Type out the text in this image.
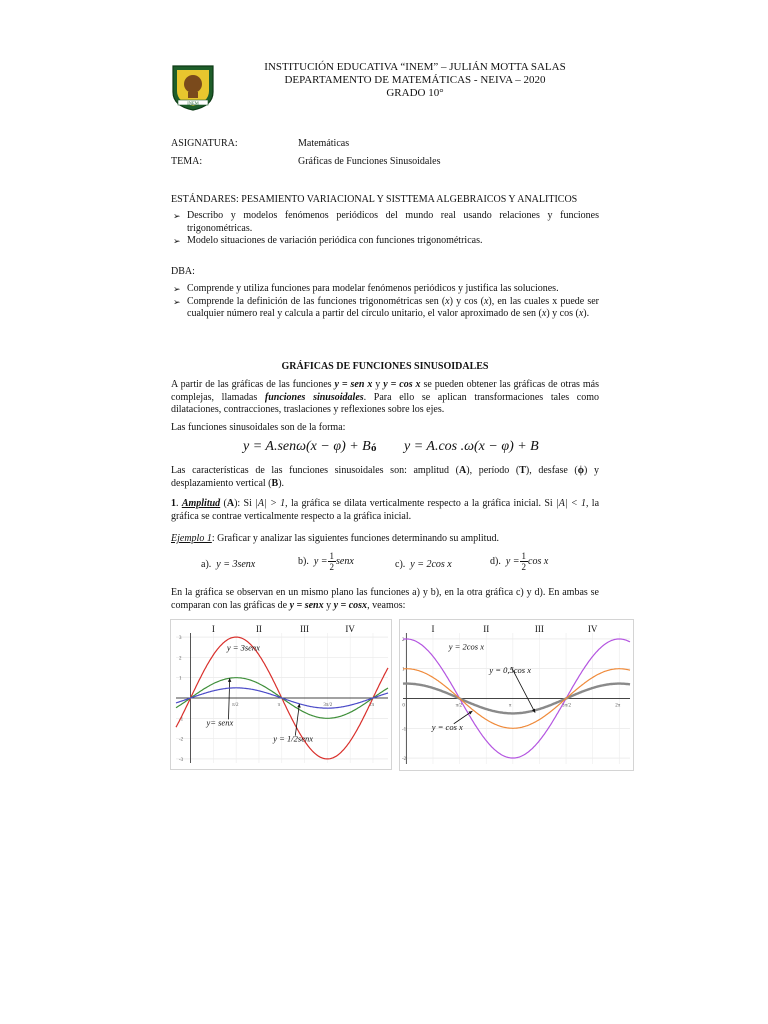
INEM
INSTITUCIÓN EDUCATIVA “INEM” – JULIÁN MOTTA SALAS
DEPARTAMENTO DE MATEMÁTICAS - NEIVA – 2020
GRADO 10°
ASIGNATURA:	Matemáticas
TEMA:	Gráficas de Funciones Sinusoidales
ESTÁNDARES: PESAMIENTO VARIACIONAL Y SISTTEMA ALGEBRAICOS Y ANALITICOS
➢ Describo y modelos fenómenos periódicos del mundo real usando relaciones y funciones trigonométricas.
➢ Modelo situaciones de variación periódica con funciones trigonométricas.
DBA:
➢ Comprende y utiliza funciones para modelar fenómenos periódicos y justifica las soluciones.
➢ Comprende la definición de las funciones trigonométricas sen (x) y cos (x), en las cuales x puede ser cualquier número real y calcula a partir del círculo unitario, el valor aproximado de sen (x) y cos (x).
GRÁFICAS DE FUNCIONES SINUSOIDALES
A partir de las gráficas de las funciones y = sen x y y = cos x se pueden obtener las gráficas de otras más complejas, llamadas funciones sinusoidales. Para ello se aplican transformaciones tales como dilataciones, contracciones, traslaciones y reflexiones sobre los ejes.
Las funciones sinusoidales son de la forma:
y = A.senω(x − φ) + B ó y = A.cos .ω(x − φ) + B
Las características de las funciones sinusoidales son: amplitud (A), período (T), desfase (ϕ) y desplazamiento vertical (B).
1. Amplitud (A): Si |A| > 1, la gráfica se dilata verticalmente respecto a la gráfica inicial. Si |A| < 1, la gráfica se contrae verticalmente respecto a la gráfica inicial.
Ejemplo 1: Graficar y analizar las siguientes funciones determinando su amplitud.
a). y = 3senx	b). $y = \frac{1}{2}$ senx	c). y = 2cos x	d). $y = \frac{1}{2}$ cos x
En la gráfica se observan en un mismo plano las funciones a) y b), en la otra gráfica c) y d). En ambas se comparan con las gráficas de y = senx y y = cosx, veamos:
3
2
1
-1
-2
-3
π/2	π	3π/2	2π
I	II	III	IV
y = 3senx
y= senx
y = 1/2senx
2
1
-1
-2
0	π/2	π	3π/2	2π
I	II	III	IV
y = 2cos x
y = 0,5cos x
y = cos x
